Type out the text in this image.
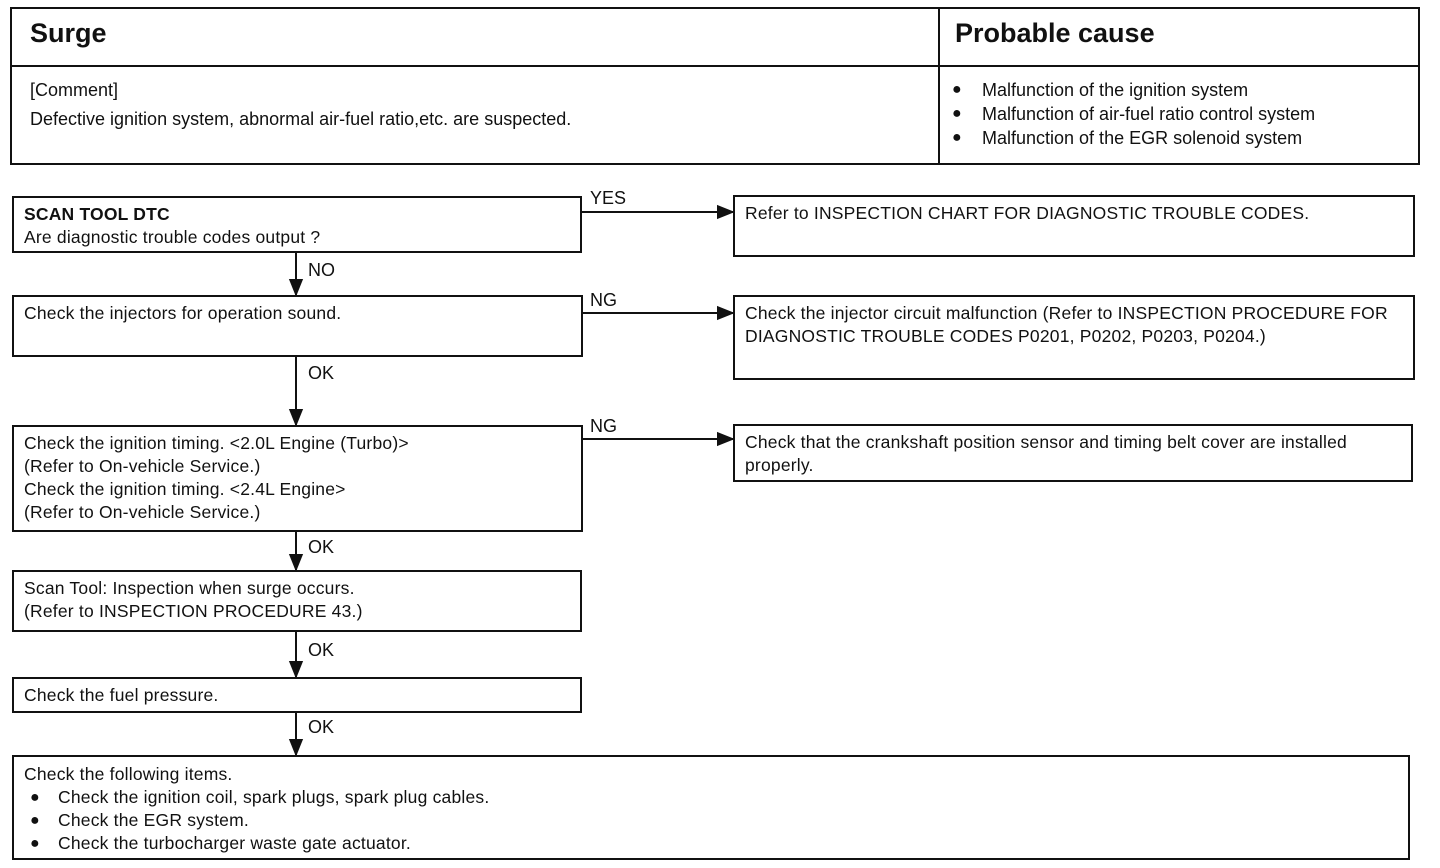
Surge	Probable cause
[Comment]
Defective ignition system, abnormal air-fuel ratio,etc. are suspected.
● Malfunction of the ignition system
● Malfunction of air-fuel ratio control system
● Malfunction of the EGR solenoid system
SCAN TOOL DTC
Are diagnostic trouble codes output ?
YES
Refer to INSPECTION CHART FOR DIAGNOSTIC TROUBLE CODES.
NO
Check the injectors for operation sound.
NG
Check the injector circuit malfunction (Refer to INSPECTION PROCEDURE FOR DIAGNOSTIC TROUBLE CODES P0201, P0202, P0203, P0204.)
OK
Check the ignition timing. <2.0L Engine (Turbo)>
(Refer to On-vehicle Service.)
Check the ignition timing. <2.4L Engine>
(Refer to On-vehicle Service.)
NG
Check that the crankshaft position sensor and timing belt cover are installed properly.
OK
Scan Tool: Inspection when surge occurs.
(Refer to INSPECTION PROCEDURE 43.)
OK
Check the fuel pressure.
OK
Check the following items.
● Check the ignition coil, spark plugs, spark plug cables.
● Check the EGR system.
● Check the turbocharger waste gate actuator.
